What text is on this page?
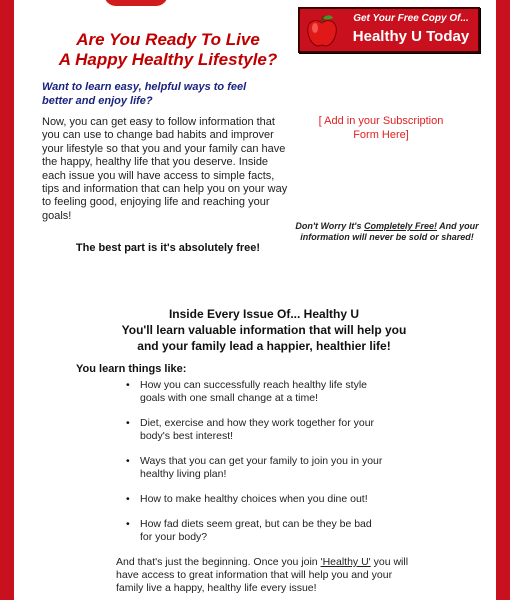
Are You Ready To Live
A Happy Healthy Lifestyle?
Want to learn easy, helpful ways to feel better and enjoy life?
Now, you can get easy to follow information that you can use to change bad habits and improver your lifestyle so that you and your family can have the happy, healthy life that you deserve. Inside each issue you will have access to simple facts, tips and information that can help you on your way to feeling good, enjoying life and reaching your goals!
The best part is it's absolutely free!
Get Your Free Copy Of...
Healthy U Today
[ Add in your Subscription Form Here]
Don't Worry It's Completely Free! And your information will never be sold or shared!
Inside Every Issue Of... Healthy U
You'll learn valuable information that will help you
and your family lead a happier, healthier life!
You learn things like:
• How you can successfully reach healthy life style goals with one small change at a time!
• Diet, exercise and how they work together for your body's best interest!
• Ways that you can get your family to join you in your healthy living plan!
• How to make healthy choices when you dine out!
• How fad diets seem great, but can be they be bad for your body?
And that's just the beginning. Once you join 'Healthy U' you will have access to great information that will help you and your family live a happy, healthy life every issue!
